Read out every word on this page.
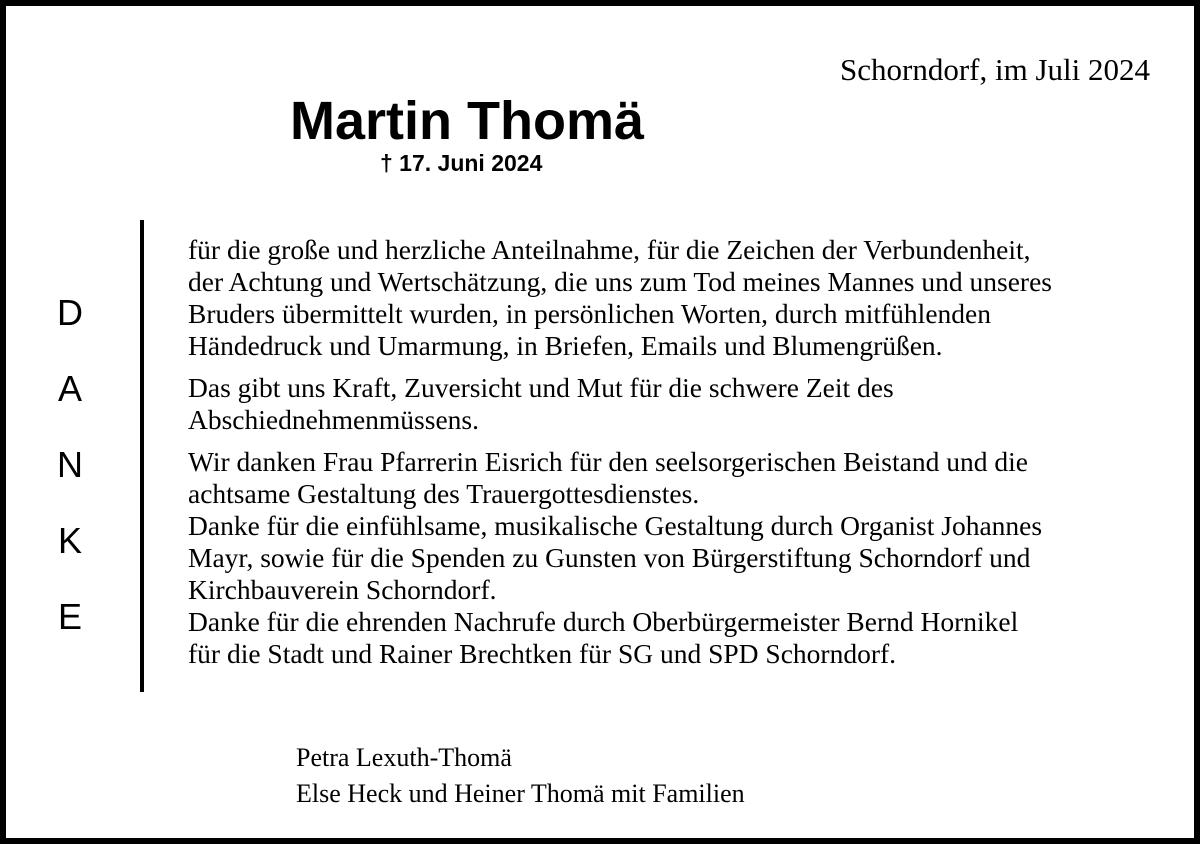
Schorndorf, im Juli 2024
Martin Thomä
† 17. Juni 2024
D
A
N
K
E

für die große und herzliche Anteilnahme, für die Zeichen der Verbundenheit,
der Achtung und Wertschätzung, die uns zum Tod meines Mannes und unseres
Bruders übermittelt wurden, in persönlichen Worten, durch mitfühlenden
Händedruck und Umarmung, in Briefen, Emails und Blumengrüßen.

Das gibt uns Kraft, Zuversicht und Mut für die schwere Zeit des
Abschiednehmenmüssens.

Wir danken Frau Pfarrerin Eisrich für den seelsorgerischen Beistand und die
achtsame Gestaltung des Trauergottesdienstes.
Danke für die einfühlsame, musikalische Gestaltung durch Organist Johannes
Mayr, sowie für die Spenden zu Gunsten von Bürgerstiftung Schorndorf und
Kirchbauverein Schorndorf.
Danke für die ehrenden Nachrufe durch Oberbürgermeister Bernd Hornikel
für die Stadt und Rainer Brechtken für SG und SPD Schorndorf.

Petra Lexuth-Thomä
Else Heck und Heiner Thomä mit Familien
